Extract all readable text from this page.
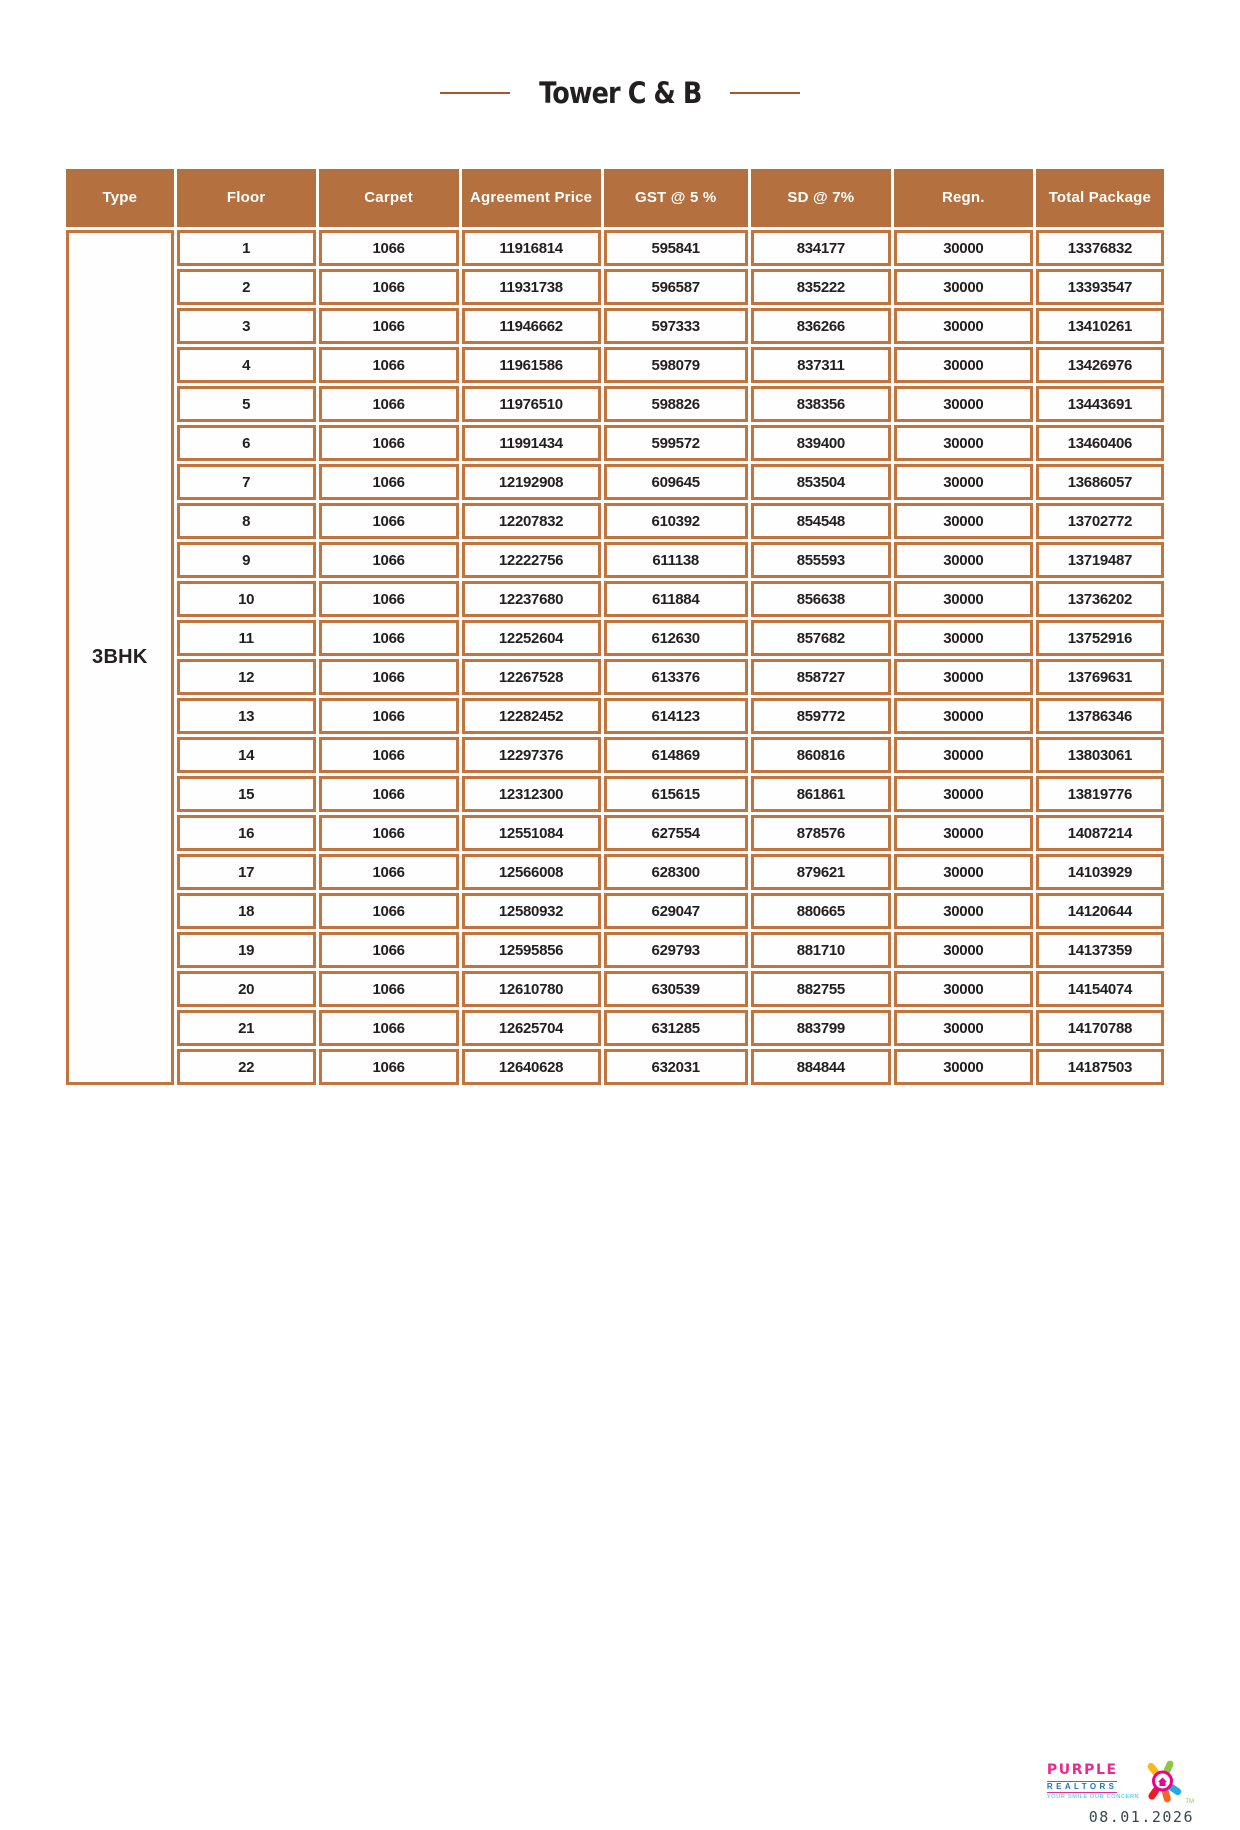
Tower C & B
Type	Floor	Carpet	Agreement Price	GST @ 5 %	SD @ 7%	Regn.	Total Package
3BHK	1	1066	11916814	595841	834177	30000	13376832
	2	1066	11931738	596587	835222	30000	13393547
	3	1066	11946662	597333	836266	30000	13410261
	4	1066	11961586	598079	837311	30000	13426976
	5	1066	11976510	598826	838356	30000	13443691
	6	1066	11991434	599572	839400	30000	13460406
	7	1066	12192908	609645	853504	30000	13686057
	8	1066	12207832	610392	854548	30000	13702772
	9	1066	12222756	611138	855593	30000	13719487
	10	1066	12237680	611884	856638	30000	13736202
	11	1066	12252604	612630	857682	30000	13752916
	12	1066	12267528	613376	858727	30000	13769631
	13	1066	12282452	614123	859772	30000	13786346
	14	1066	12297376	614869	860816	30000	13803061
	15	1066	12312300	615615	861861	30000	13819776
	16	1066	12551084	627554	878576	30000	14087214
	17	1066	12566008	628300	879621	30000	14103929
	18	1066	12580932	629047	880665	30000	14120644
	19	1066	12595856	629793	881710	30000	14137359
	20	1066	12610780	630539	882755	30000	14154074
	21	1066	12625704	631285	883799	30000	14170788
	22	1066	12640628	632031	884844	30000	14187503
PURPLE
REALTORS
YOUR SMILE OUR CONCERN
TM
08.01.2026
